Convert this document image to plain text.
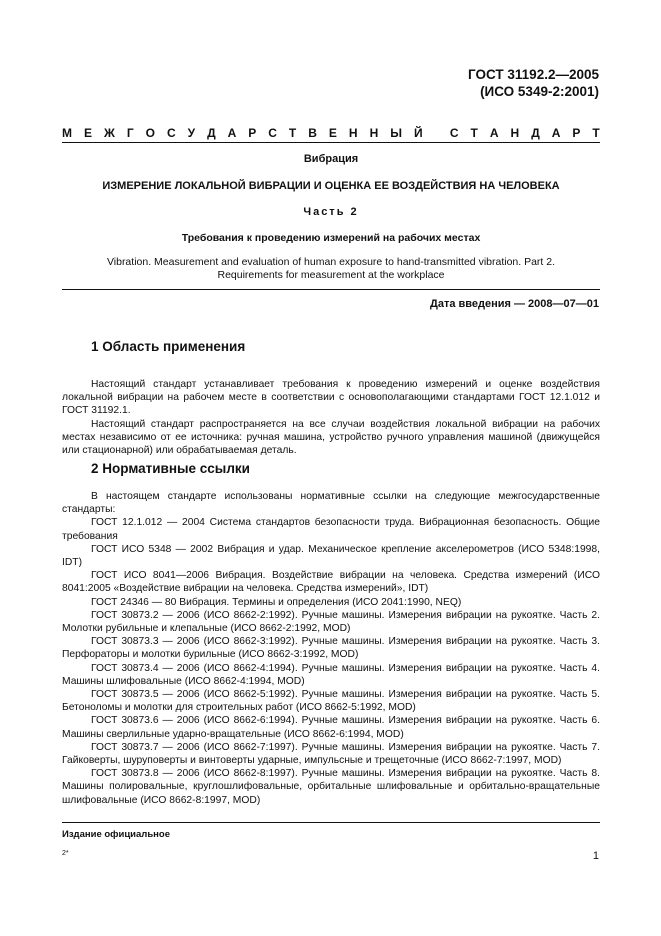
ГОСТ 31192.2—2005
(ИСО 5349-2:2001)
М Е Ж Г О С У Д А Р С Т В Е Н Н Ы Й
С Т А Н Д А Р Т
Вибрация
ИЗМЕРЕНИЕ ЛОКАЛЬНОЙ ВИБРАЦИИ И ОЦЕНКА ЕЕ ВОЗДЕЙСТВИЯ НА ЧЕЛОВЕКА
Часть 2
Требования к проведению измерений на рабочих местах
Vibration. Measurement and evaluation of human exposure to hand-transmitted vibration. Part 2.
Requirements for measurement at the workplace
Дата введения — 2008—07—01
1 Область применения

Настоящий стандарт устанавливает требования к проведению измерений и оценке воздействия локальной вибрации на рабочем месте в соответствии с основополагающими стандартами ГОСТ 12.1.012 и ГОСТ 31192.1.

Настоящий стандарт распространяется на все случаи воздействия локальной вибрации на рабочих местах независимо от ее источника: ручная машина, устройство ручного управления машиной (движущейся или стационарной) или обрабатываемая деталь.

2 Нормативные ссылки

В настоящем стандарте использованы нормативные ссылки на следующие межгосударственные стандарты:

ГОСТ 12.1.012 — 2004 Система стандартов безопасности труда. Вибрационная безопасность. Общие требования

ГОСТ ИСО 5348 — 2002 Вибрация и удар. Механическое крепление акселерометров (ИСО 5348:1998, IDT)

ГОСТ ИСО 8041—2006 Вибрация. Воздействие вибрации на человека. Средства измерений (ИСО 8041:2005 «Воздействие вибрации на человека. Средства измерений», IDT)

ГОСТ 24346 — 80 Вибрация. Термины и определения (ИСО 2041:1990, NEQ)

ГОСТ 30873.2 — 2006 (ИСО 8662-2:1992). Ручные машины. Измерения вибрации на рукоятке. Часть 2. Молотки рубильные и клепальные (ИСО 8662-2:1992, MOD)

ГОСТ 30873.3 — 2006 (ИСО 8662-3:1992). Ручные машины. Измерения вибрации на рукоятке. Часть 3. Перфораторы и молотки бурильные (ИСО 8662-3:1992, MOD)

ГОСТ 30873.4 — 2006 (ИСО 8662-4:1994). Ручные машины. Измерения вибрации на рукоятке. Часть 4. Машины шлифовальные (ИСО 8662-4:1994, MOD)

ГОСТ 30873.5 — 2006 (ИСО 8662-5:1992). Ручные машины. Измерения вибрации на рукоятке. Часть 5. Бетоноломы и молотки для строительных работ (ИСО 8662-5:1992, MOD)

ГОСТ 30873.6 — 2006 (ИСО 8662-6:1994). Ручные машины. Измерения вибрации на рукоятке. Часть 6. Машины сверлильные ударно-вращательные (ИСО 8662-6:1994, MOD)

ГОСТ 30873.7 — 2006 (ИСО 8662-7:1997). Ручные машины. Измерения вибрации на рукоятке. Часть 7. Гайковерты, шуруповерты и винтоверты ударные, импульсные и трещеточные (ИСО 8662-7:1997, MOD)

ГОСТ 30873.8 — 2006 (ИСО 8662-8:1997). Ручные машины. Измерения вибрации на рукоятке. Часть 8. Машины полировальные, круглошлифовальные, орбитальные шлифовальные и орбитально-вращательные шлифовальные (ИСО 8662-8:1997, MOD)

Издание официальное
2*	1
